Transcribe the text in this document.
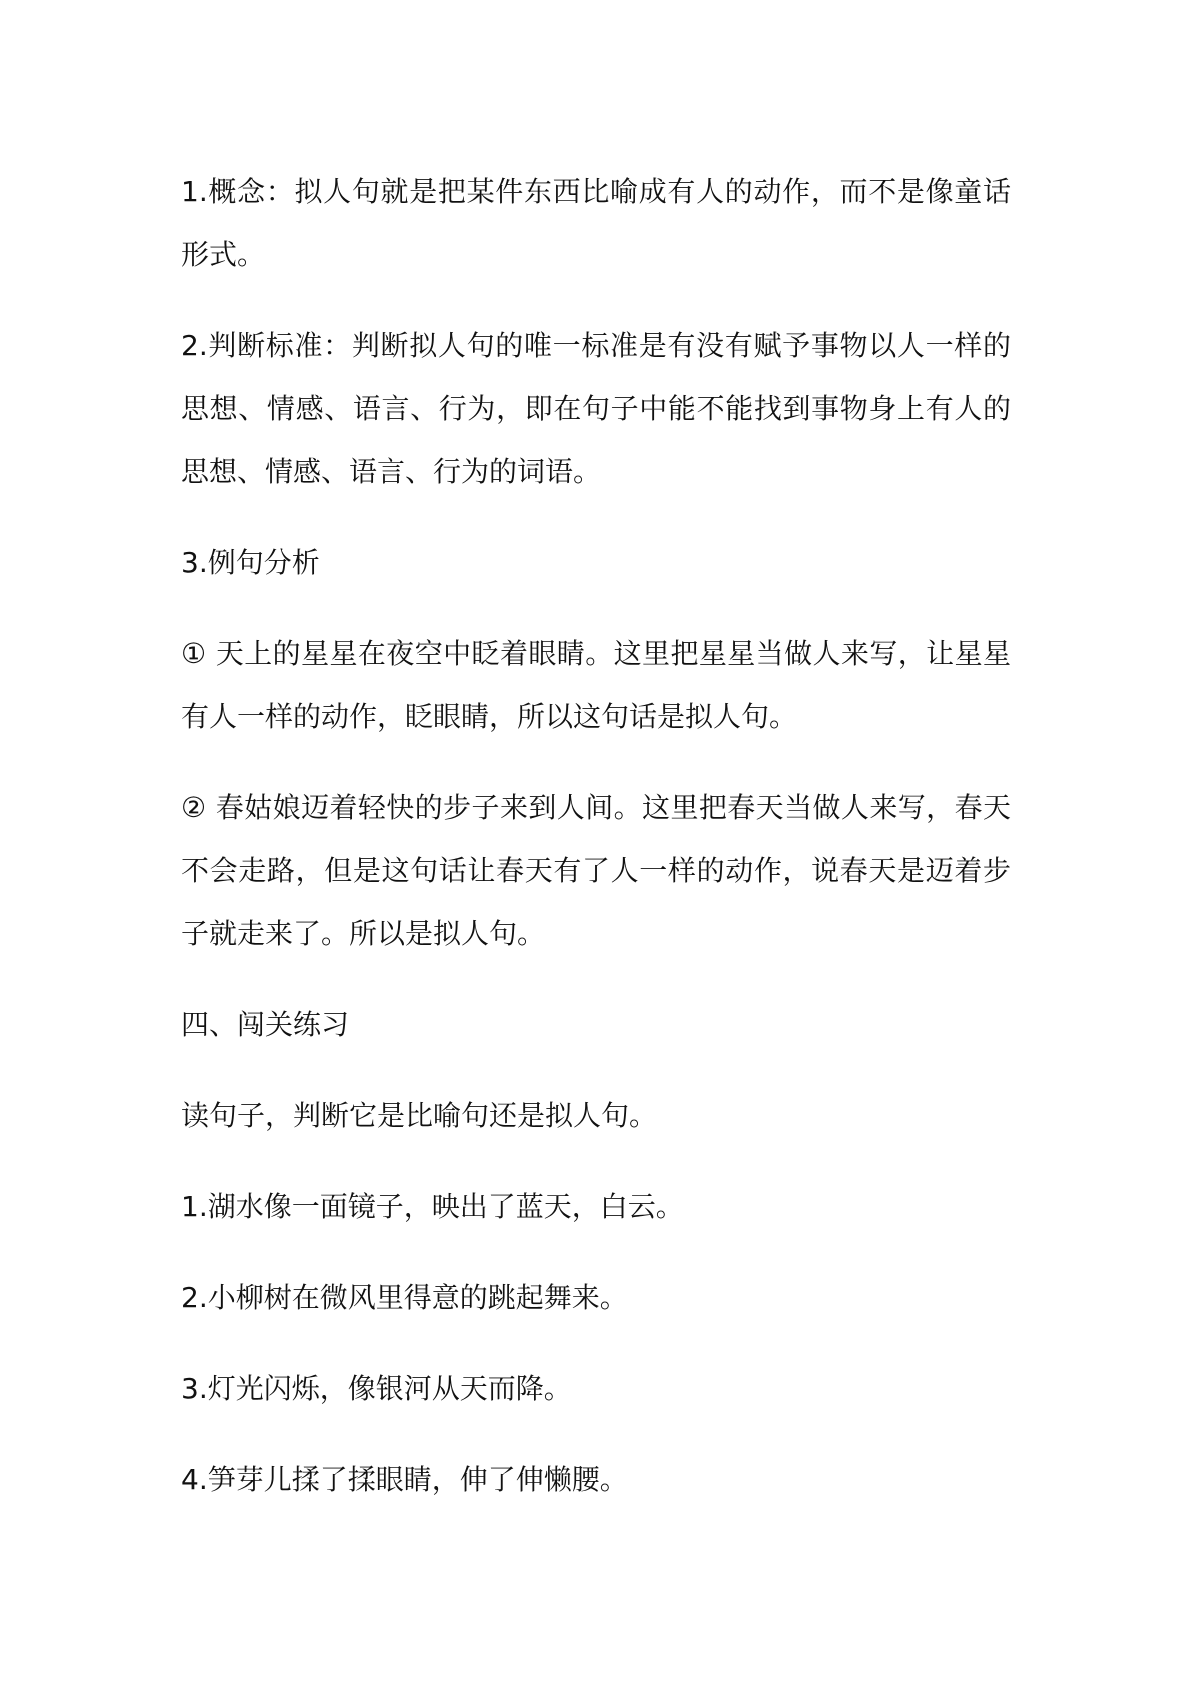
1.概念：拟人句就是把某件东西比喻成有人的动作，而不是像童话形式。

2.判断标准：判断拟人句的唯一标准是有没有赋予事物以人一样的思想、情感、语言、行为，即在句子中能不能找到事物身上有人的思想、情感、语言、行为的词语。

3.例句分析

① 天上的星星在夜空中眨着眼睛。这里把星星当做人来写，让星星有人一样的动作，眨眼睛，所以这句话是拟人句。

② 春姑娘迈着轻快的步子来到人间。这里把春天当做人来写，春天不会走路，但是这句话让春天有了人一样的动作，说春天是迈着步子就走来了。所以是拟人句。

四、闯关练习

读句子，判断它是比喻句还是拟人句。

1.湖水像一面镜子，映出了蓝天，白云。

2.小柳树在微风里得意的跳起舞来。

3.灯光闪烁，像银河从天而降。

4.笋芽儿揉了揉眼睛，伸了伸懒腰。
